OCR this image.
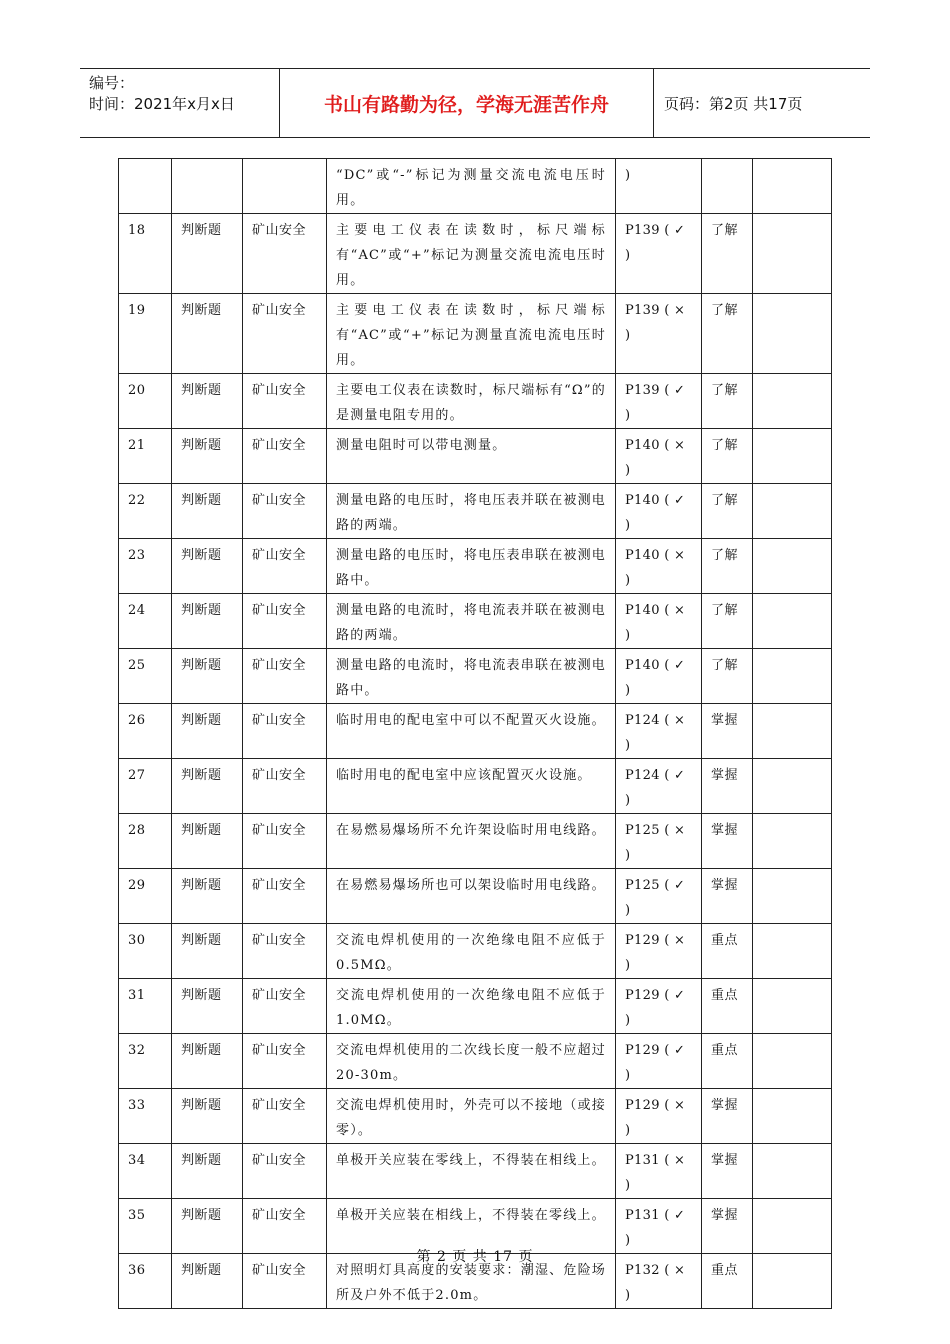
编号：
时间：2021年x月x日	书山有路勤为径，学海无涯苦作舟	页码：第2页 共17页
			“DC”或“-”标记为测量交流电流电压时用。	)		
18	判断题	矿山安全	主要电工仪表在读数时，标尺端标有“AC”或“+”标记为测量交流电流电压时用。	P139 ( ✓
)	了解	
19	判断题	矿山安全	主要电工仪表在读数时，标尺端标有“AC”或“+”标记为测量直流电流电压时用。	P139 ( ×
)	了解	
20	判断题	矿山安全	主要电工仪表在读数时，标尺端标有“Ω”的是测量电阻专用的。	P139 ( ✓
)	了解	
21	判断题	矿山安全	测量电阻时可以带电测量。	P140 ( ×
)	了解	
22	判断题	矿山安全	测量电路的电压时，将电压表并联在被测电路的两端。	P140 ( ✓
)	了解	
23	判断题	矿山安全	测量电路的电压时，将电压表串联在被测电路中。	P140 ( ×
)	了解	
24	判断题	矿山安全	测量电路的电流时，将电流表并联在被测电路的两端。	P140 ( ×
)	了解	
25	判断题	矿山安全	测量电路的电流时，将电流表串联在被测电路中。	P140 ( ✓
)	了解	
26	判断题	矿山安全	临时用电的配电室中可以不配置灭火设施。	P124 ( ×
)	掌握	
27	判断题	矿山安全	临时用电的配电室中应该配置灭火设施。	P124 ( ✓
)	掌握	
28	判断题	矿山安全	在易燃易爆场所不允许架设临时用电线路。	P125 ( ×
)	掌握	
29	判断题	矿山安全	在易燃易爆场所也可以架设临时用电线路。	P125 ( ✓
)	掌握	
30	判断题	矿山安全	交流电焊机使用的一次绝缘电阻不应低于0.5MΩ。	P129 ( ×
)	重点	
31	判断题	矿山安全	交流电焊机使用的一次绝缘电阻不应低于1.0MΩ。	P129 ( ✓
)	重点	
32	判断题	矿山安全	交流电焊机使用的二次线长度一般不应超过20-30m。	P129 ( ✓
)	重点	
33	判断题	矿山安全	交流电焊机使用时，外壳可以不接地（或接零）。	P129 ( ×
)	掌握	
34	判断题	矿山安全	单极开关应装在零线上，不得装在相线上。	P131 ( ×
)	掌握	
35	判断题	矿山安全	单极开关应装在相线上，不得装在零线上。	P131 ( ✓
)	掌握	
36	判断题	矿山安全	对照明灯具高度的安装要求：潮湿、危险场所及户外不低于2.0m。	P132 ( ×
)	重点	
第 2 页 共 17 页
